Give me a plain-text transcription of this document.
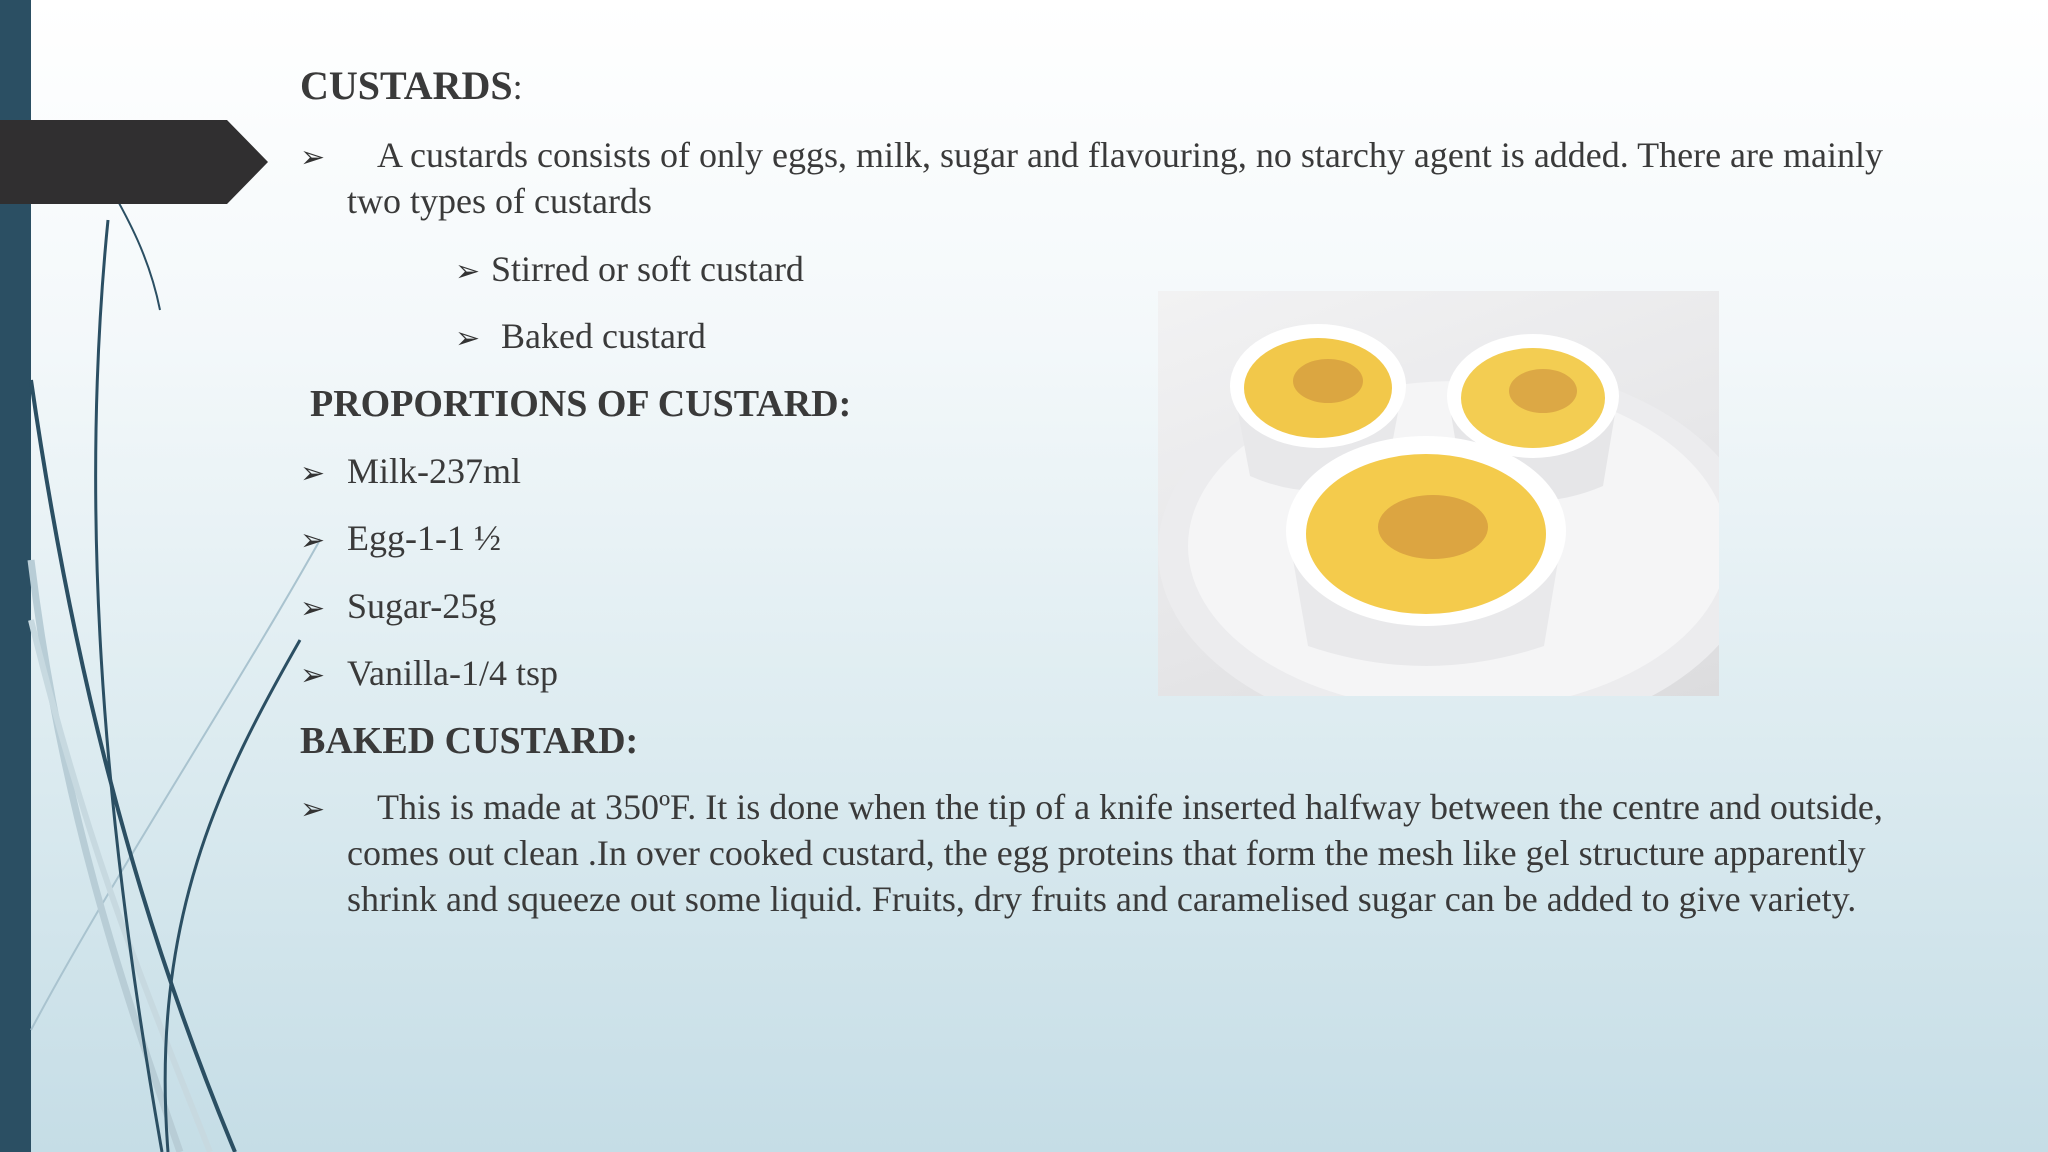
CUSTARDS:
➢ A custards consists of only eggs, milk, sugar and flavouring, no starchy agent is added. There are mainly
two types of custards
➢ Stirred or soft custard
➢ Baked custard
PROPORTIONS OF CUSTARD:
➢ Milk-237ml
➢ Egg-1-1 ½
➢ Sugar-25g
➢ Vanilla-1/4 tsp
BAKED CUSTARD:
➢ This is made at 350ºF. It is done when the tip of a knife inserted halfway between the centre and outside,
comes out clean .In over cooked custard, the egg proteins that form the mesh like gel structure apparently
shrink and squeeze out some liquid. Fruits, dry fruits and caramelised sugar can be added to give variety.
